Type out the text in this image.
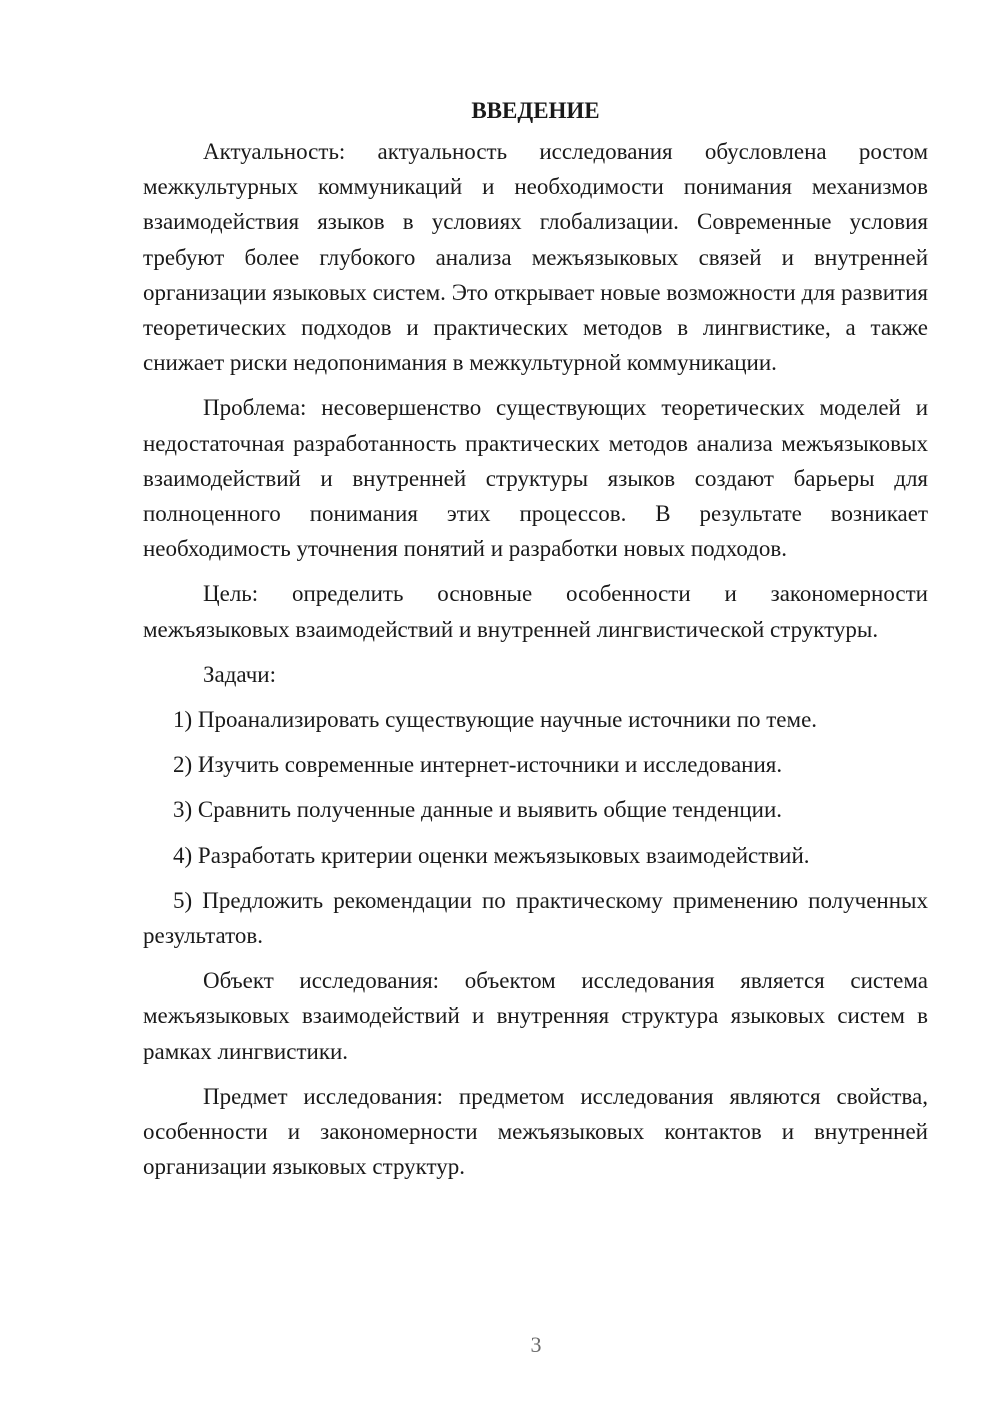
ВВЕДЕНИЕ

Актуальность: актуальность исследования обусловлена ростом межкультурных коммуникаций и необходимости понимания механизмов взаимодействия языков в условиях глобализации. Современные условия требуют более глубокого анализа межъязыковых связей и внутренней организации языковых систем. Это открывает новые возможности для развития теоретических подходов и практических методов в лингвистике, а также снижает риски недопонимания в межкультурной коммуникации.

Проблема: несовершенство существующих теоретических моделей и недостаточная разработанность практических методов анализа межъязыковых взаимодействий и внутренней структуры языков создают барьеры для полноценного понимания этих процессов. В результате возникает необходимость уточнения понятий и разработки новых подходов.

Цель: определить основные особенности и закономерности межъязыковых взаимодействий и внутренней лингвистической структуры.

Задачи:

1) Проанализировать существующие научные источники по теме.

2) Изучить современные интернет-источники и исследования.

3) Сравнить полученные данные и выявить общие тенденции.

4) Разработать критерии оценки межъязыковых взаимодействий.

5) Предложить рекомендации по практическому применению полученных результатов.

Объект исследования: объектом исследования является система межъязыковых взаимодействий и внутренняя структура языковых систем в рамках лингвистики.

Предмет исследования: предметом исследования являются свойства, особенности и закономерности межъязыковых контактов и внутренней организации языковых структур.

3
